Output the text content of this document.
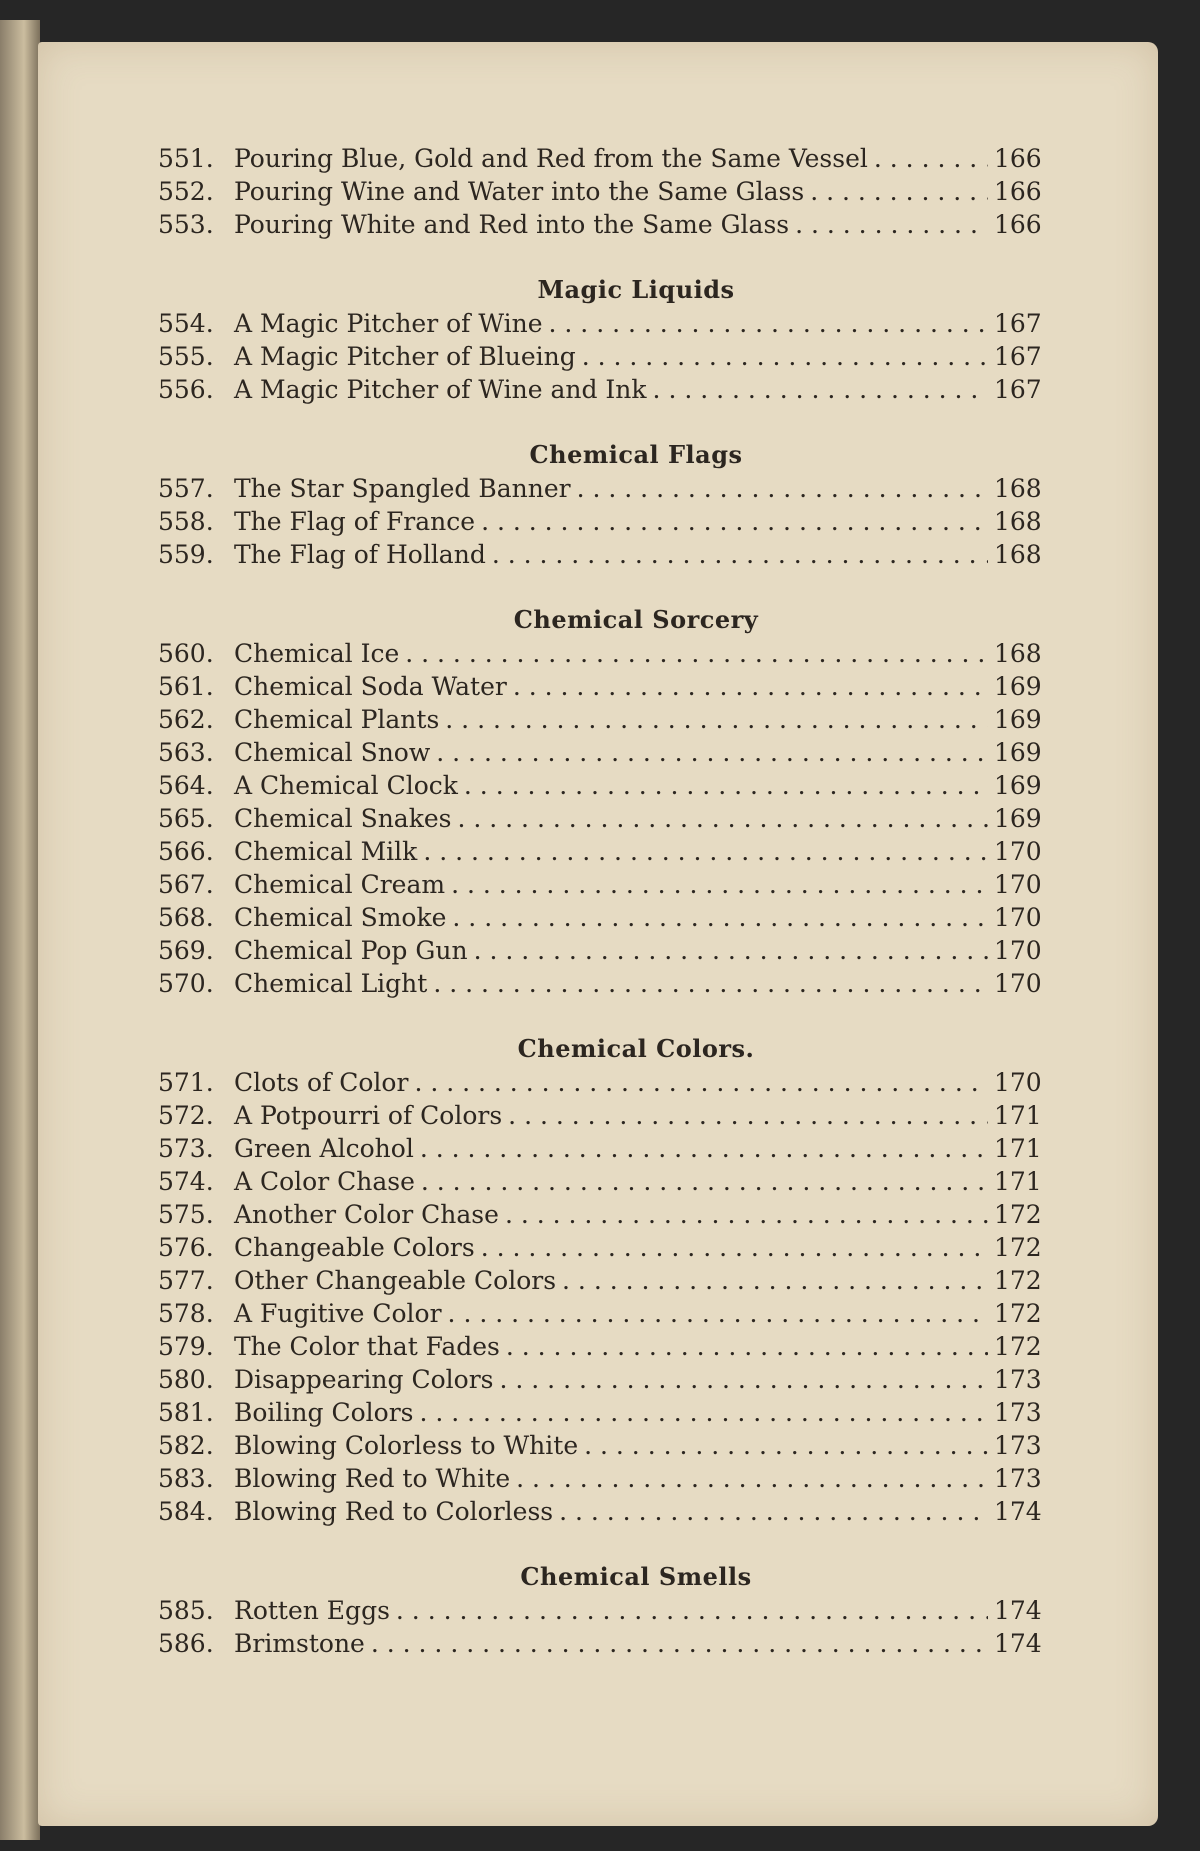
551. Pouring Blue, Gold and Red from the Same Vessel . . .	166
552. Pouring Wine and Water into the Same Glass . . .	166
553. Pouring White and Red into the Same Glass . . .	166
Magic Liquids
554. A Magic Pitcher of Wine . . .	167
555. A Magic Pitcher of Blueing . . .	167
556. A Magic Pitcher of Wine and Ink . . .	167
Chemical Flags
557. The Star Spangled Banner . . .	168
558. The Flag of France . . .	168
559. The Flag of Holland . . .	168
Chemical Sorcery
560. Chemical Ice . . .	168
561. Chemical Soda Water . . .	169
562. Chemical Plants . . .	169
563. Chemical Snow . . .	169
564. A Chemical Clock . . .	169
565. Chemical Snakes . . .	169
566. Chemical Milk . . .	170
567. Chemical Cream . . .	170
568. Chemical Smoke . . .	170
569. Chemical Pop Gun . . .	170
570. Chemical Light . . .	170
Chemical Colors.
571. Clots of Color . . .	170
572. A Potpourri of Colors . . .	171
573. Green Alcohol . . .	171
574. A Color Chase . . .	171
575. Another Color Chase . . .	172
576. Changeable Colors . . .	172
577. Other Changeable Colors . . .	172
578. A Fugitive Color . . .	172
579. The Color that Fades . . .	172
580. Disappearing Colors . . .	173
581. Boiling Colors . . .	173
582. Blowing Colorless to White . . .	173
583. Blowing Red to White . . .	173
584. Blowing Red to Colorless . . .	174
Chemical Smells
585. Rotten Eggs . . .	174
586. Brimstone . . .	174
